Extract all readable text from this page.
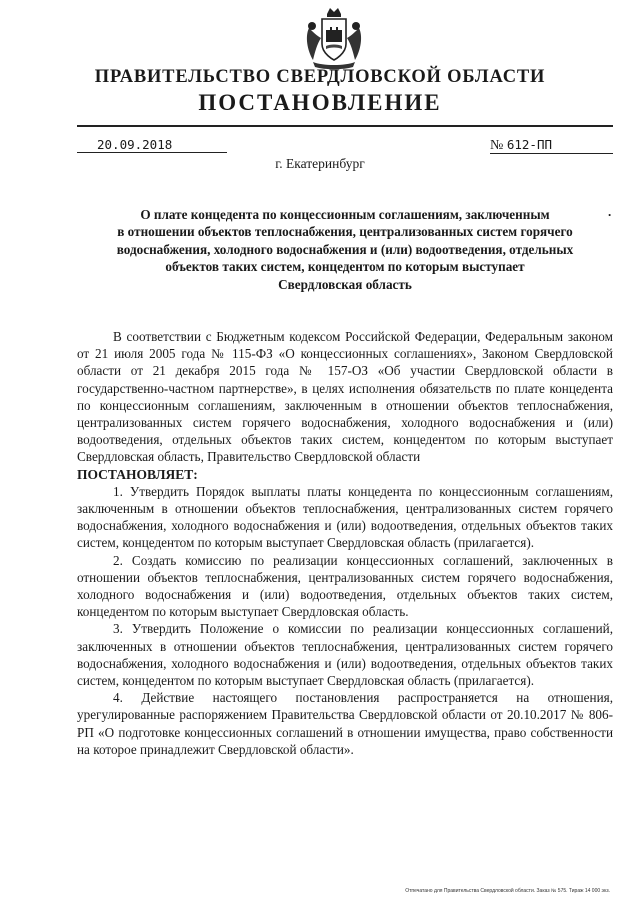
ПРАВИТЕЛЬСТВО СВЕРДЛОВСКОЙ ОБЛАСТИ
ПОСТАНОВЛЕНИЕ
20.09.2018	№ 612-ПП
г. Екатеринбург
.
О плате концедента по концессионным соглашениям, заключенным
в отношении объектов теплоснабжения, централизованных систем горячего
водоснабжения, холодного водоснабжения и (или) водоотведения, отдельных
объектов таких систем, концедентом по которым выступает
Свердловская область

В соответствии с Бюджетным кодексом Российской Федерации, Федеральным законом от 21 июля 2005 года № 115-ФЗ «О концессионных соглашениях», Законом Свердловской области от 21 декабря 2015 года № 157-ОЗ «Об участии Свердловской области в государственно-частном партнерстве», в целях исполнения обязательств по плате концедента по концессионным соглашениям, заключенным в отношении объектов теплоснабжения, централизованных систем горячего водоснабжения, холодного водоснабжения и (или) водоотведения, отдельных объектов таких систем, концедентом по которым выступает Свердловская область, Правительство Свердловской области

ПОСТАНОВЛЯЕТ:

1. Утвердить Порядок выплаты платы концедента по концессионным соглашениям, заключенным в отношении объектов теплоснабжения, централизованных систем горячего водоснабжения, холодного водоснабжения и (или) водоотведения, отдельных объектов таких систем, концедентом по которым выступает Свердловская область (прилагается).

2. Создать комиссию по реализации концессионных соглашений, заключенных в отношении объектов теплоснабжения, централизованных систем горячего водоснабжения, холодного водоснабжения и (или) водоотведения, отдельных объектов таких систем, концедентом по которым выступает Свердловская область.

3. Утвердить Положение о комиссии по реализации концессионных соглашений, заключенных в отношении объектов теплоснабжения, централизованных систем горячего водоснабжения, холодного водоснабжения и (или) водоотведения, отдельных объектов таких систем, концедентом по которым выступает Свердловская область (прилагается).

4. Действие настоящего постановления распространяется на отношения, урегулированные распоряжением Правительства Свердловской области от 20.10.2017 № 806-РП «О подготовке концессионных соглашений в отношении имущества, право собственности на которое принадлежит Свердловской области».

Отпечатано для Правительства Свердловской области. Заказ № 575. Тираж 14 000 экз.
